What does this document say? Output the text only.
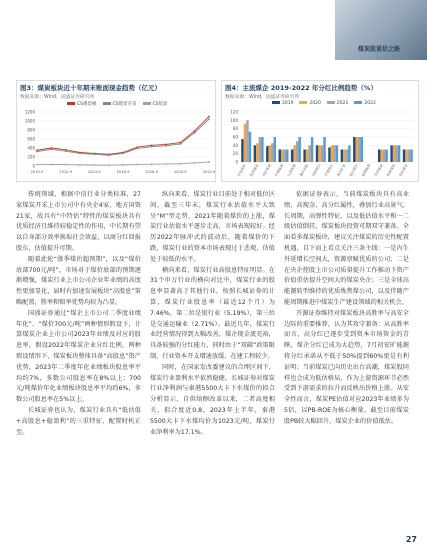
煤炭股重估之路
图3：煤炭板块近十年期末账面现金趋势（亿元）
数据来源：Wind，国盛证券研究所
CS煤炭板	CS煤炭开采	CS焦炭
0
200
400
600
800
1000
1200
2010-9	2012-9	2014-9	2016-9	2018-9	2020-9	2022-9
图4：主流煤企 2019-2022 年分红比例趋势（%）
数据来源：Wind，国盛证券研究所
2019	2020	2021	2022
0
20
40
60
80
100
120
中国神华 陕西煤业 兖矿能源 中煤能源 山西焦煤 潞安环能 华阳股份 平煤股份 淮北矿业 盘江股份 新集能源 昊华能源 恒源煤电 晋控煤业

传统领域，根据中信行业分类标准，27家煤炭开采上市公司中有央企4家，地方国资21家，故具有“中特估”特性的煤炭板块具有优质经济且维持较稳定性的作用，中长期有望以自身部分效率换取社会效益，以商分红回报股东，估值提升可期。

随着此轮“涨季煤价超预期”，以及“煤价底部700元/吨”，市场对于煤价底部的预期逐渐增强，煤炭行业上市公司企业年业绩的高度性更加显化，届时有加速发展板块“高股息”策略配置，胜率和赔率优势均较为凸显。

国盛证券通过“煤企上市公司二季度业绩年化”、“煤价700元/吨”两种情形假设下，计算煤炭企业上市公司2023年业绩及对应的股息率，假设2022年煤炭企业分红比例，两种假设情形下，煤炭板块整体具备“高股息”资产优势，2023年二季度年化业绩板块股息率平均约7%，多数公司股息率在8%以上；700元/吨煤价年化业绩板块股息率平均约6%，多数公司股息率在5%以上。

长城证券也认为，煤炭行业具有“低估值+高股息+稳盈利”的三重特征，配置时机正至。

纵向来看，煤炭行业目前处于相对低位区间，截至三年末，煤炭行业估值水平大致呈“M”型走势，2021年随着煤价的上涨，煤炭行业估值水平逐步走高，市场表现较好。经历2022年脉冲式的波动后，随着煤价的下跌，煤炭行业的资本市场表现过于悲观，估值处于较低的水平。

横向来看，煤炭行业高股息特征明显。在31个申万行业的横向对比中，煤炭行业的股息率显著高于其他行业。按照长城证券的计算，煤炭行业股息率（最近12个月）为7.46%，第二位是银行业（5.19%），第三位是交通运输业（2.71%）。最近几年，煤炭行业经营情况得到大幅改善，煤企现金流充裕，具备较强的分红能力，同时由于“双碳”政策限制，行业资本开支增速放缓，在建工程较少。

同时，在国家发改委建议的合理区间下，煤炭行业盈利水平依然稳健。长城证券对煤炭行业净利润与秦港5500大卡下水煤价的拟合分析显示，自供给侧改革以来，二者高度相关，拟合度近0.8，2023年上半年，秦港5500大卡下水煤均价为1023元/吨，煤炭行业净利率为17.1%。

依据证券表示，当前煤炭板块具有高业绩、高现金、高分红属性，叠加行业高景气，长周期，高弹性特征，以及低估值水平和一二级估值倒挂，煤炭板块投资可期双守兼备。全面看多煤炭板块，建议关注煤炭的历史性配置机遇，自下而上看点关注三条主线：一是内生外延增长空间大，资源禀赋优质的公司；二是在央企控股上市公司质量提升工作推动下资产价值重估提升空间大的煤炭央企；三是全球高能源转型维持的优质炼焦煤公司，以及伴随产能周期推进中煤炭生产建设领域的相关机会。

开源证券维持对煤炭板块高胜率与高安全边际的重要推荐，认为其攻守兼备：从高胜率而言，高分红已逐步受到资本市场资金的青睐，煤企分红已成为大趋势，7月初宏旷能源将分红承诺从不低于50%提到60%更是有利证明；当前煤炭已向历史出台高潮，煤炭股同样也会成为低估格局，作为上游资源环节必然受到下游需求的拉升而反映出价格上涨。从安全性而言，煤炭PE估值对应2023年业绩多为5倍，以PB-ROE为核心衡量，截至目前煤炭股PB较大幅回升，煤炭企业的价值低估。

27
